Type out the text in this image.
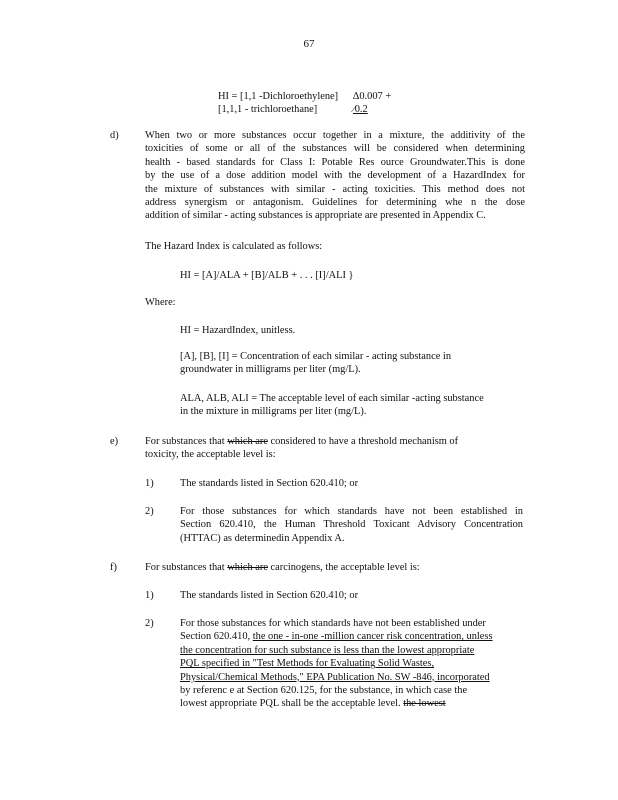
67

HI = [1,1 -Dichloroethylene] ∆0.007 +

[1,1,1 - trichloroethane]	∕0.2

d)	When two or more substances occur together in a mixture, the additivity of the

toxicities of some or all of the substances will be considered when determining

health - based standards for Class I: Potable Res ource Groundwater.This is done

by the use of a dose addition model with the development of a HazardIndex for

the mixture of substances with similar - acting toxicities. This method does not

address synergism or antagonism. Guidelines for determining whe n the dose

addition of similar - acting substances is appropriate are presented in Appendix C.

The Hazard Index is calculated as follows:

HI = [A]/ALA + [B]/ALB + . . . [I]/ALI }

Where:

HI = HazardIndex, unitless.

[A], [B], [I] = Concentration of each similar - acting substance in

groundwater in milligrams per liter (mg/L).

ALA, ALB, ALI = The acceptable level of each similar -acting substance

in the mixture in milligrams per liter (mg/L).

e)	For substances that which are considered to have a threshold mechanism of

toxicity, the acceptable level is:

1)	The standards listed in Section 620.410; or

2)	For those substances for which standards have not been established in

Section 620.410, the Human Threshold Toxicant Advisory Concentration

(HTTAC) as determinedin Appendix A.

f)	For substances that which are carcinogens, the acceptable level is:

1)	The standards listed in Section 620.410; or

2)	For those substances for which standards have not been established under

Section 620.410, the one - in-one -million cancer risk concentration, unless

the concentration for such substance is less than the lowest appropriate

PQL specified in "Test Methods for Evaluating Solid Wastes,

Physical/Chemical Methods," EPA Publication No. SW -846, incorporated

by referenc e at Section 620.125, for the substance, in which case the

lowest appropriate PQL shall be the acceptable level. the lowest
